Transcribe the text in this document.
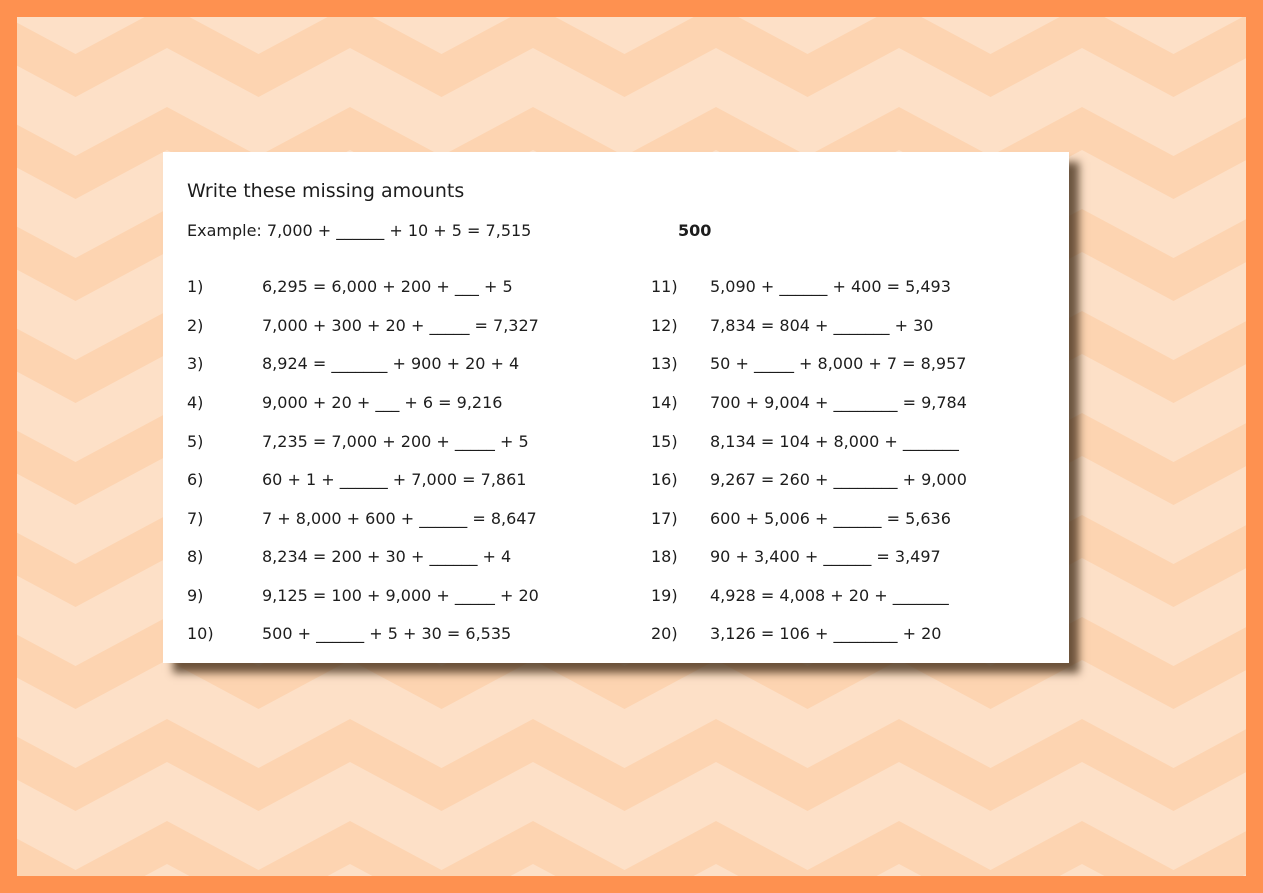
Write these missing amounts
Example: 7,000 + ______ + 10 + 5 = 7,515	500
1)	6,295 = 6,000 + 200 + ___ + 5
2)	7,000 + 300 + 20 + _____ = 7,327
3)	8,924 = _______ + 900 + 20 + 4
4)	9,000 + 20 + ___ + 6 = 9,216
5)	7,235 = 7,000 + 200 + _____ + 5
6)	60 + 1 + ______ + 7,000 = 7,861
7)	7 + 8,000 + 600 + ______ = 8,647
8)	8,234 = 200 + 30 + ______ + 4
9)	9,125 = 100 + 9,000 + _____ + 20
10)	500 + ______ + 5 + 30 = 6,535
11) 5,090 + ______ + 400 = 5,493
12) 7,834 = 804 + _______ + 30
13) 50 + _____ + 8,000 + 7 = 8,957
14) 700 + 9,004 + ________ = 9,784
15) 8,134 = 104 + 8,000 + _______
16) 9,267 = 260 + ________ + 9,000
17) 600 + 5,006 + ______ = 5,636
18) 90 + 3,400 + ______ = 3,497
19) 4,928 = 4,008 + 20 + _______
20) 3,126 = 106 + ________ + 20
